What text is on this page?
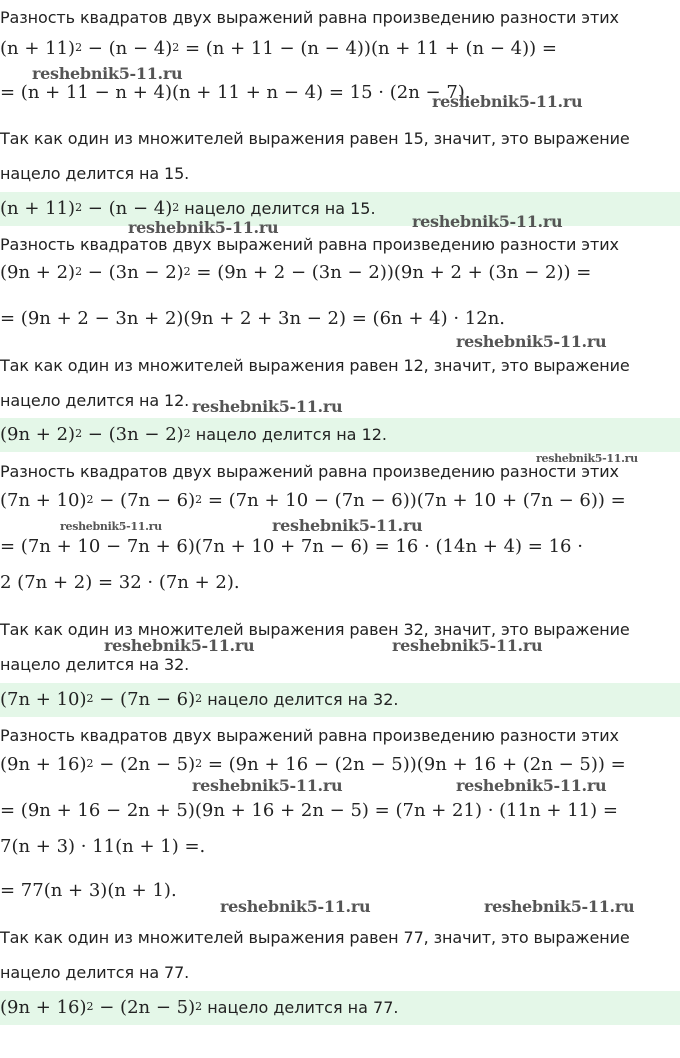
Разность квадратов двух выражений равна произведению разности этих
$(n + 11)^2 - (n - 4)^2 = (n + 11 - (n - 4))(n + 11 + (n - 4))$ =
= (n + 11 − n + 4)(n + 11 + n − 4) = 15 · (2n − 7).
Так как один из множителей выражения равен 15, значит, это выражение
нацело делится на 15.
$(n + 11)^2 - (n - 4)^2$ нацело делится на 15.
Разность квадратов двух выражений равна произведению разности этих
$(9n + 2)^2 - (3n - 2)^2 = (9n + 2 - (3n - 2))(9n + 2 + (3n - 2))$ =
= (9n + 2 − 3n + 2)(9n + 2 + 3n − 2) = (6n + 4) · 12n.
Так как один из множителей выражения равен 12, значит, это выражение
нацело делится на 12.
$(9n + 2)^2 - (3n - 2)^2$ нацело делится на 12.
Разность квадратов двух выражений равна произведению разности этих
$(7n + 10)^2 - (7n - 6)^2 = (7n + 10 - (7n - 6))(7n + 10 + (7n - 6))$ =
= (7n + 10 − 7n + 6)(7n + 10 + 7n − 6) = 16 · (14n + 4) = 16 ·
2 (7n + 2) = 32 · (7n + 2).
Так как один из множителей выражения равен 32, значит, это выражение
нацело делится на 32.
$(7n + 10)^2 - (7n - 6)^2$ нацело делится на 32.
Разность квадратов двух выражений равна произведению разности этих
$(9n + 16)^2 - (2n - 5)^2 = (9n + 16 - (2n - 5))(9n + 16 + (2n - 5))$ =
= (9n + 16 − 2n + 5)(9n + 16 + 2n − 5) = (7n + 21) · (11n + 11) =
7(n + 3) · 11(n + 1) =.
= 77(n + 3)(n + 1).
Так как один из множителей выражения равен 77, значит, это выражение
нацело делится на 77.
$(9n + 16)^2 - (2n - 5)^2$ нацело делится на 77.
reshebnik5-11.ru
reshebnik5-11.ru
reshebnik5-11.ru
reshebnik5-11.ru
reshebnik5-11.ru
reshebnik5-11.ru
reshebnik5-11.ru
reshebnik5-11.ru	reshebnik5-11.ru
reshebnik5-11.ru	reshebnik5-11.ru
reshebnik5-11.ru	reshebnik5-11.ru
reshebnik5-11.ru	reshebnik5-11.ru
